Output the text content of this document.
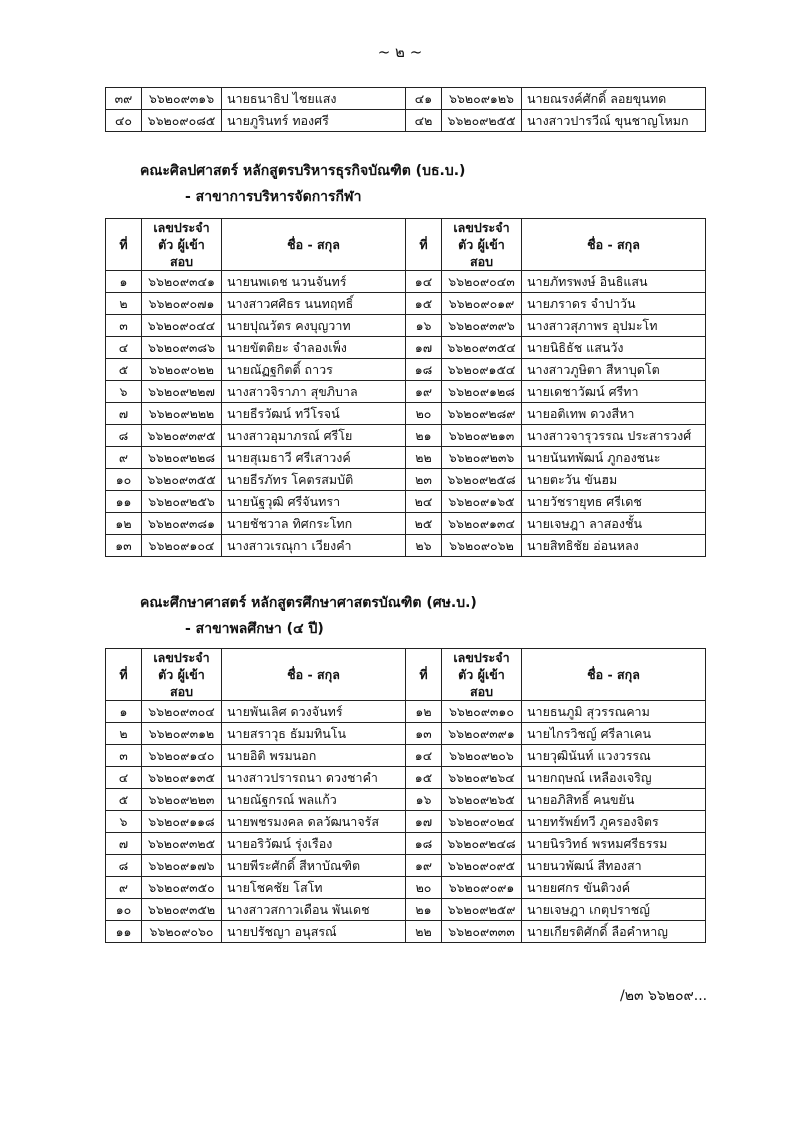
~ ๒ ~
๓๙	๖๖๒๐๙๓๑๖	นายธนาธิป ไชยแสง	๔๑	๖๖๒๐๙๑๒๖	นายณรงค์ศักดิ์ ลอยขุนทด
๔๐	๖๖๒๐๙๐๘๕	นายภูรินทร์ ทองศรี	๔๒	๖๖๒๐๙๒๕๕	นางสาวปารวีณ์ ขุนชาญโหมก
คณะศิลปศาสตร์ หลักสูตรบริหารธุรกิจบัณฑิต (บธ.บ.)
- สาขาการบริหารจัดการกีฬา
ที่	เลขประจำตัว ผู้เข้าสอบ	ชื่อ - สกุล	ที่	เลขประจำตัว ผู้เข้าสอบ	ชื่อ - สกุล
๑	๖๖๒๐๙๓๔๑	นายนพเดช นวนจันทร์	๑๔	๖๖๒๐๙๐๔๓	นายภัทรพงษ์ อินธิแสน
๒	๖๖๒๐๙๐๗๑	นางสาวศศิธร นนทฤทธิ์	๑๕	๖๖๒๐๙๐๑๙	นายภราดร จำปาวัน
๓	๖๖๒๐๙๐๔๔	นายปุณวัตร คงบุญวาท	๑๖	๖๖๒๐๙๓๙๖	นางสาวสุภาพร อุปมะโท
๔	๖๖๒๐๙๓๘๖	นายขัตติยะ จำลองเพ็ง	๑๗	๖๖๒๐๙๓๕๔	นายนิธิธัช แสนวัง
๕	๖๖๒๐๙๐๒๒	นายณัฏฐกิตติ์ ถาวร	๑๘	๖๖๒๐๙๑๕๔	นางสาวภูษิตา สีหาบุดโต
๖	๖๖๒๐๙๒๒๗	นางสาวจิราภา สุขภิบาล	๑๙	๖๖๒๐๙๑๒๘	นายเดชาวัฒน์ ศรีทา
๗	๖๖๒๐๙๒๒๒	นายธีรวัฒน์ ทวีโรจน์	๒๐	๖๖๒๐๙๒๘๙	นายอติเทพ ดวงสีหา
๘	๖๖๒๐๙๓๙๕	นางสาวอุมาภรณ์ ศรีโย	๒๑	๖๖๒๐๙๒๑๓	นางสาวจารุวรรณ ประสารวงศ์
๙	๖๖๒๐๙๒๒๘	นายสุเมธาวี ศรีเสาวงค์	๒๒	๖๖๒๐๙๒๓๖	นายนันทพัฒน์ ภูกองชนะ
๑๐	๖๖๒๐๙๓๕๕	นายธีรภัทร โคตรสมบัติ	๒๓	๖๖๒๐๙๒๕๘	นายตะวัน ขันฮม
๑๑	๖๖๒๐๙๒๕๖	นายนัฐวุฒิ ศรีจันทรา	๒๔	๖๖๒๐๙๑๖๕	นายวัชรายุทธ ศรีเดช
๑๒	๖๖๒๐๙๓๘๑	นายชัชวาล ทิศกระโทก	๒๕	๖๖๒๐๙๑๓๔	นายเจษฎา ลาสองชั้น
๑๓	๖๖๒๐๙๑๐๔	นางสาวเรณุกา เวียงคำ	๒๖	๖๖๒๐๙๐๖๒	นายสิทธิชัย อ่อนหลง
คณะศึกษาศาสตร์ หลักสูตรศึกษาศาสตรบัณฑิต (ศษ.บ.)
- สาขาพลศึกษา (๔ ปี)
ที่	เลขประจำตัว ผู้เข้าสอบ	ชื่อ - สกุล	ที่	เลขประจำตัว ผู้เข้าสอบ	ชื่อ - สกุล
๑	๖๖๒๐๙๓๐๔	นายพันเลิศ ดวงจันทร์	๑๒	๖๖๒๐๙๓๑๐	นายธนภูมิ สุวรรณคาม
๒	๖๖๒๐๙๓๑๒	นายสราวุธ ธัมมทินโน	๑๓	๖๖๒๐๙๓๙๑	นายไกรวิชญ์ ศรีลาเคน
๓	๖๖๒๐๙๑๔๐	นายอิติ พรมนอก	๑๔	๖๖๒๐๙๒๐๖	นายวุฒินันท์ แวงวรรณ
๔	๖๖๒๐๙๑๓๕	นางสาวปรารถนา ดวงชาคำ	๑๕	๖๖๒๐๙๒๖๔	นายกฤษณ์ เหลืองเจริญ
๕	๖๖๒๐๙๒๒๓	นายณัฐกรณ์ พลแก้ว	๑๖	๖๖๒๐๙๒๖๕	นายอภิสิทธิ์ คนขยัน
๖	๖๖๒๐๙๑๑๘	นายพชรมงคล ดลวัฒนาจรัส	๑๗	๖๖๒๐๙๐๒๔	นายทรัพย์ทวี ภูครองจิตร
๗	๖๖๒๐๙๓๒๕	นายอริวัฒน์ รุ่งเรือง	๑๘	๖๖๒๐๙๒๔๘	นายนิรวิทธ์ พรหมศรีธรรม
๘	๖๖๒๐๙๑๗๖	นายพีระศักดิ์ สีหาบัณฑิต	๑๙	๖๖๒๐๙๐๙๕	นายนวพัฒน์ สีทองสา
๙	๖๖๒๐๙๓๕๐	นายโชคชัย โสโท	๒๐	๖๖๒๐๙๐๙๑	นายยศกร ขันติวงค์
๑๐	๖๖๒๐๙๓๕๒	นางสาวสกาวเดือน พันเดช	๒๑	๖๖๒๐๙๒๕๙	นายเจษฎา เกตุปราชญ์
๑๑	๖๖๒๐๙๐๖๐	นายปรัชญา อนุสรณ์	๒๒	๖๖๒๐๙๓๓๓	นายเกียรติศักดิ์ ลือคำหาญ
/๒๓ ๖๖๒๐๙...
